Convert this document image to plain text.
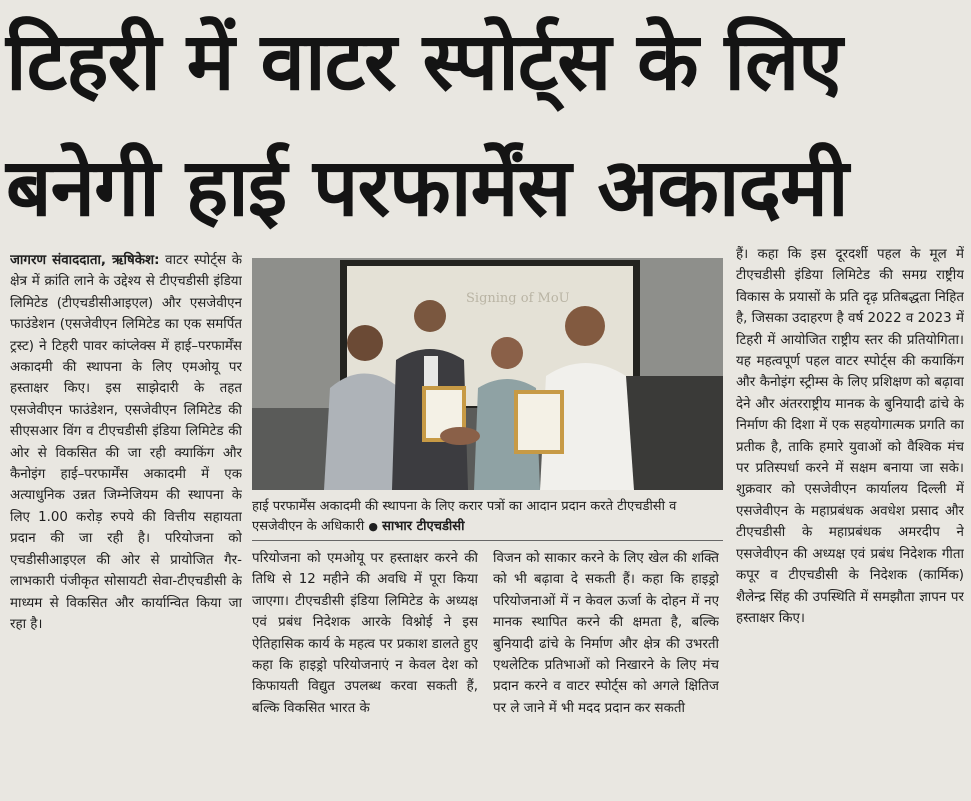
टिहरी में वाटर स्पोर्ट्स के लिए
बनेगी हाई परफार्मेंस अकादमी

जागरण संवाददाता, ऋषिकेश: वाटर स्पोर्ट्स के क्षेत्र में क्रांति लाने के उद्देश्य से टीएचडीसी इंडिया लिमिटेड (टीएचडीसीआइएल) और एसजेवीएन फाउंडेशन (एसजेवीएन लिमिटेड का एक समर्पित ट्रस्ट) ने टिहरी पावर कांप्लेक्स में हाई–परफार्मेंस अकादमी की स्थापना के लिए एमओयू पर हस्ताक्षर किए। इस साझेदारी के तहत एसजेवीएन फाउंडेशन, एसजेवीएन लिमिटेड की सीएसआर विंग व टीएचडीसी इंडिया लिमिटेड की ओर से विकसित की जा रही क्याकिंग और कैनोइंग हाई–परफार्मेंस अकादमी में एक अत्याधुनिक उन्नत जिम्नेजियम की स्थापना के लिए 1.00 करोड़ रुपये की वित्तीय सहायता प्रदान की जा रही है। परियोजना को एचडीसीआइएल की ओर से प्रायोजित गैर-लाभकारी पंजीकृत सोसायटी सेवा-टीएचडीसी के माध्यम से विकसित और कार्यान्वित किया जा रहा है।

Signing of MoU

हाई परफार्मेंस अकादमी की स्थापना के लिए करार पत्रों का आदान प्रदान करते टीएचडीसी व एसजेवीएन के अधिकारी ● साभार टीएचडीसी

परियोजना को एमओयू पर हस्ताक्षर करने की तिथि से 12 महीने की अवधि में पूरा किया जाएगा। टीएचडीसी इंडिया लिमिटेड के अध्यक्ष एवं प्रबंध निदेशक आरके विश्नोई ने इस ऐतिहासिक कार्य के महत्व पर प्रकाश डालते हुए कहा कि हाइड्रो परियोजनाएं न केवल देश को किफायती विद्युत उपलब्ध करवा सकती हैं, बल्कि विकसित भारत के

विजन को साकार करने के लिए खेल की शक्ति को भी बढ़ावा दे सकती हैं। कहा कि हाइड्रो परियोजनाओं में न केवल ऊर्जा के दोहन में नए मानक स्थापित करने की क्षमता है, बल्कि बुनियादी ढांचे के निर्माण और क्षेत्र की उभरती एथलेटिक प्रतिभाओं को निखारने के लिए मंच प्रदान करने व वाटर स्पोर्ट्स को अगले क्षितिज पर ले जाने में भी मदद प्रदान कर सकती

हैं। कहा कि इस दूरदर्शी पहल के मूल में टीएचडीसी इंडिया लिमिटेड की समग्र राष्ट्रीय विकास के प्रयासों के प्रति दृढ़ प्रतिबद्धता निहित है, जिसका उदाहरण है वर्ष 2022 व 2023 में टिहरी में आयोजित राष्ट्रीय स्तर की प्रतियोगिता। यह महत्वपूर्ण पहल वाटर स्पोर्ट्स की कयाकिंग और कैनोइंग स्ट्रीम्स के लिए प्रशिक्षण को बढ़ावा देने और अंतरराष्ट्रीय मानक के बुनियादी ढांचे के निर्माण की दिशा में एक सहयोगात्मक प्रगति का प्रतीक है, ताकि हमारे युवाओं को वैश्विक मंच पर प्रतिस्पर्धा करने में सक्षम बनाया जा सके। शुक्रवार को एसजेवीएन कार्यालय दिल्ली में एसजेवीएन के महाप्रबंधक अवधेश प्रसाद और टीएचडीसी के महाप्रबंधक अमरदीप ने एसजेवीएन की अध्यक्ष एवं प्रबंध निदेशक गीता कपूर व टीएचडीसी के निदेशक (कार्मिक) शैलेन्द्र सिंह की उपस्थिति में समझौता ज्ञापन पर हस्ताक्षर किए।
